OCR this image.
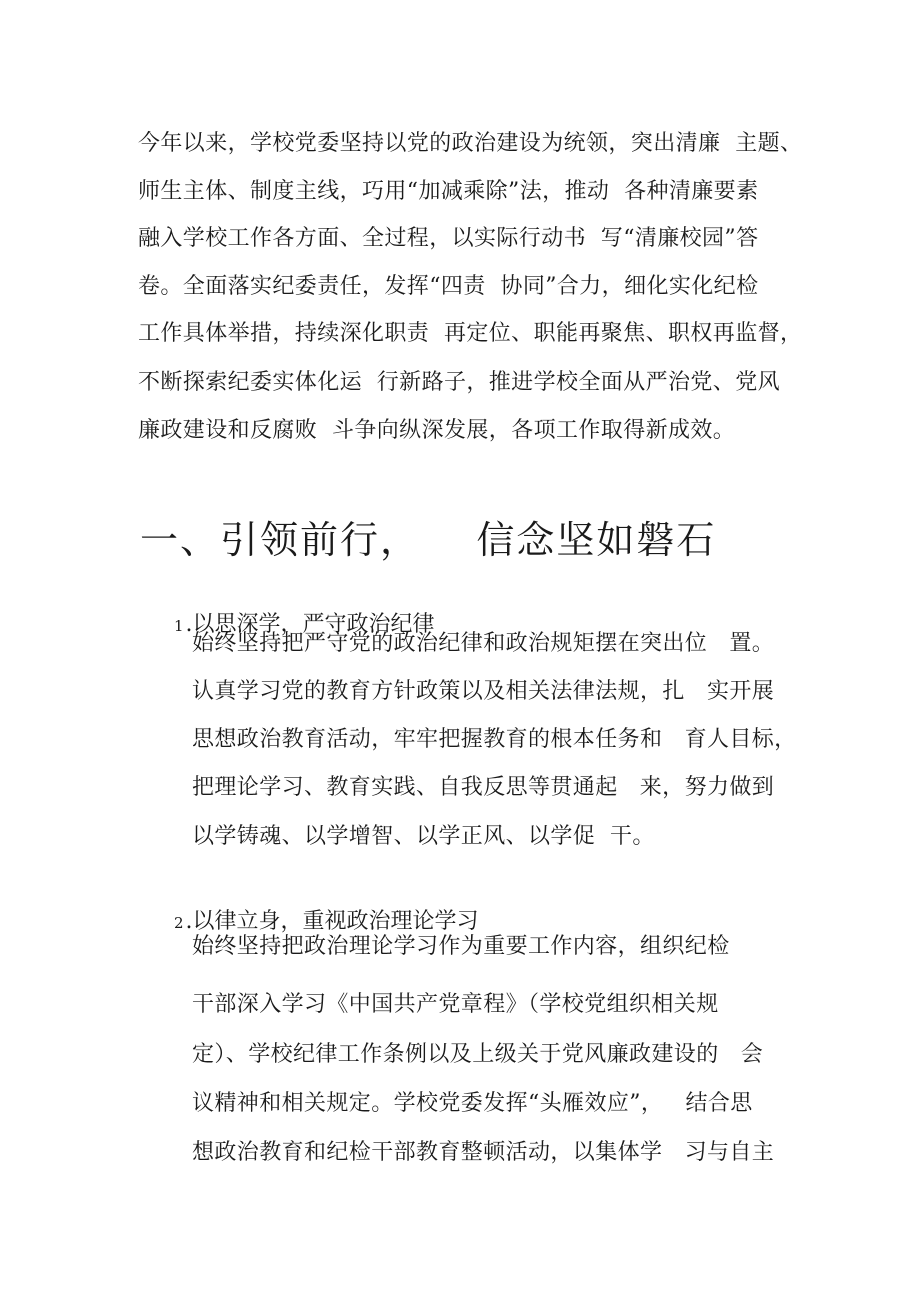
今年以来，学校党委坚持以党的政治建设为统领，突出清廉  主题、
师生主体、制度主线，巧用“加减乘除”法，推动  各种清廉要素
融入学校工作各方面、全过程，以实际行动书  写“清廉校园”答
卷。全面落实纪委责任，发挥“四责  协同”合力，细化实化纪检
工作具体举措，持续深化职责  再定位、职能再聚焦、职权再监督，
不断探索纪委实体化运  行新路子，推进学校全面从严治党、党风
廉政建设和反腐败  斗争向纵深发展，各项工作取得新成效。
一、引领前行，    信念坚如磐石

1.以思深学，严守政治纪律

始终坚持把严守党的政治纪律和政治规矩摆在突出位   置。
认真学习党的教育方针政策以及相关法律法规，扎   实开展
思想政治教育活动，牢牢把握教育的根本任务和   育人目标，
把理论学习、教育实践、自我反思等贯通起   来，努力做到
以学铸魂、以学增智、以学正风、以学促  干。

2.以律立身，重视政治理论学习

始终坚持把政治理论学习作为重要工作内容，组织纪检
干部深入学习《中国共产党章程》（学校党组织相关规
定）、学校纪律工作条例以及上级关于党风廉政建设的   会
议精神和相关规定。学校党委发挥“头雁效应”，   结合思
想政治教育和纪检干部教育整顿活动，以集体学   习与自主
